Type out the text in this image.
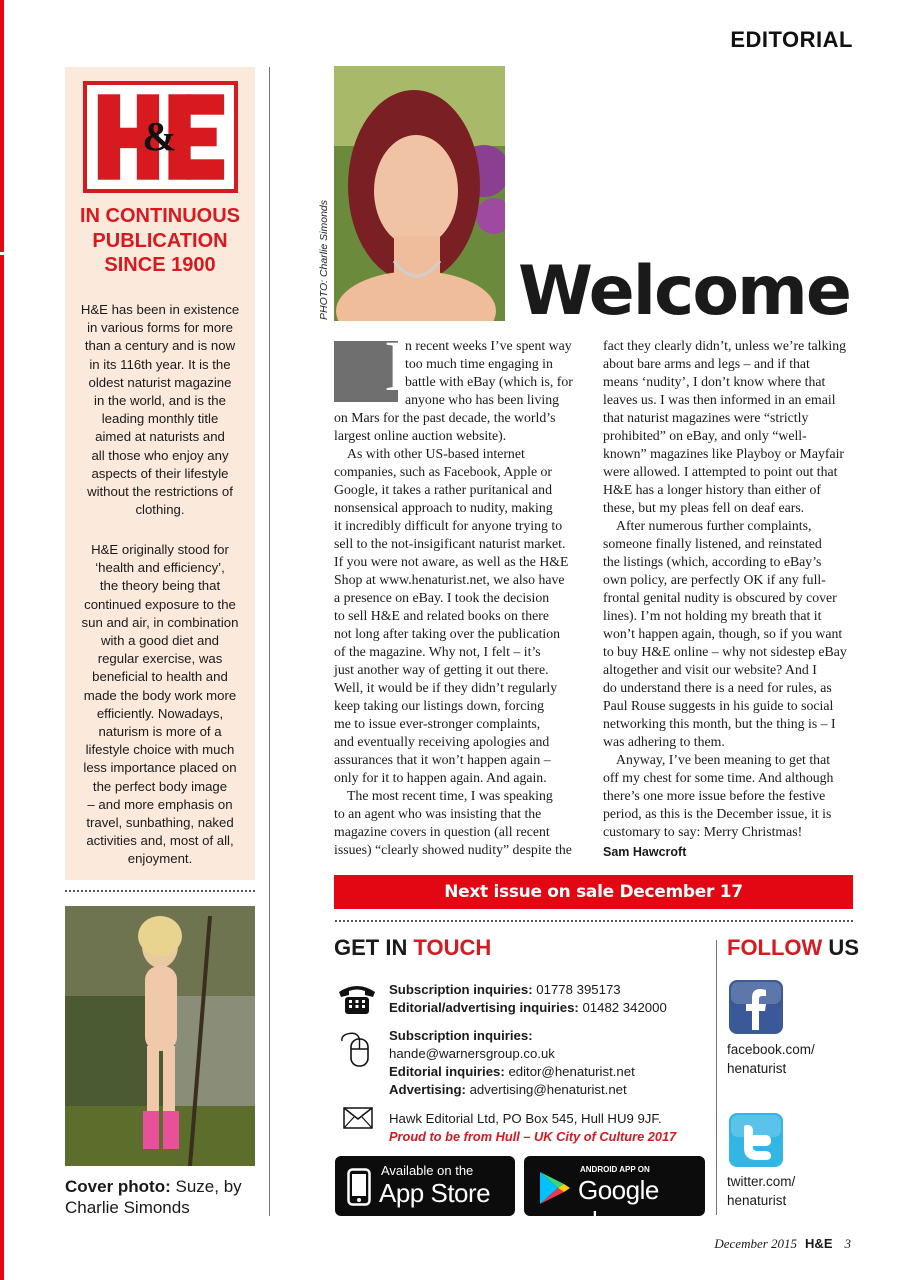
EDITORIAL
&
IN CONTINUOUS
PUBLICATION
SINCE 1900
H&E has been in existence
in various forms for more
than a century and is now
in its 116th year. It is the
oldest naturist magazine
in the world, and is the
leading monthly title
aimed at naturists and
all those who enjoy any
aspects of their lifestyle
without the restrictions of
clothing.
H&E originally stood for
‘health and efficiency’,
the theory being that
continued exposure to the
sun and air, in combination
with a good diet and
regular exercise, was
beneficial to health and
made the body work more
efficiently. Nowadays,
naturism is more of a
lifestyle choice with much
less importance placed on
the perfect body image
– and more emphasis on
travel, sunbathing, naked
activities and, most of all,
enjoyment.
Cover photo: Suze, by
Charlie Simonds
PHOTO: Charlie Simonds	Welcome
I
n recent weeks I’ve spent way
too much time engaging in
battle with eBay (which is, for
anyone who has been living
on Mars for the past decade, the world’s
largest online auction website).
As with other US-based internet
companies, such as Facebook, Apple or
Google, it takes a rather puritanical and
nonsensical approach to nudity, making
it incredibly difficult for anyone trying to
sell to the not-insigificant naturist market.
If you were not aware, as well as the H&E
Shop at www.henaturist.net, we also have
a presence on eBay. I took the decision
to sell H&E and related books on there
not long after taking over the publication
of the magazine. Why not, I felt – it’s
just another way of getting it out there.
Well, it would be if they didn’t regularly
keep taking our listings down, forcing
me to issue ever-stronger complaints,
and eventually receiving apologies and
assurances that it won’t happen again –
only for it to happen again. And again.
The most recent time, I was speaking
to an agent who was insisting that the
magazine covers in question (all recent
issues) “clearly showed nudity” despite the
fact they clearly didn’t, unless we’re talking
about bare arms and legs – and if that
means ‘nudity’, I don’t know where that
leaves us. I was then informed in an email
that naturist magazines were “strictly
prohibited” on eBay, and only “well-
known” magazines like Playboy or Mayfair
were allowed. I attempted to point out that
H&E has a longer history than either of
these, but my pleas fell on deaf ears.
After numerous further complaints,
someone finally listened, and reinstated
the listings (which, according to eBay’s
own policy, are perfectly OK if any full-
frontal genital nudity is obscured by cover
lines). I’m not holding my breath that it
won’t happen again, though, so if you want
to buy H&E online – why not sidestep eBay
altogether and visit our website? And I
do understand there is a need for rules, as
Paul Rouse suggests in his guide to social
networking this month, but the thing is – I
was adhering to them.
Anyway, I’ve been meaning to get that
off my chest for some time. And although
there’s one more issue before the festive
period, as this is the December issue, it is
customary to say: Merry Christmas!
Sam Hawcroft
Next issue on sale December 17
GET IN TOUCH
Subscription inquiries: 01778 395173
Editorial/advertising inquiries: 01482 342000
Subscription inquiries:
hande@warnersgroup.co.uk
Editorial inquiries: editor@henaturist.net
Advertising: advertising@henaturist.net
Hawk Editorial Ltd, PO Box 545, Hull HU9 9JF.
Proud to be from Hull – UK City of Culture 2017
Available on the
App Store
ANDROID APP ON
Google play
FOLLOW US
facebook.com/
henaturist
twitter.com/
henaturist
December 2015 H&E 3
